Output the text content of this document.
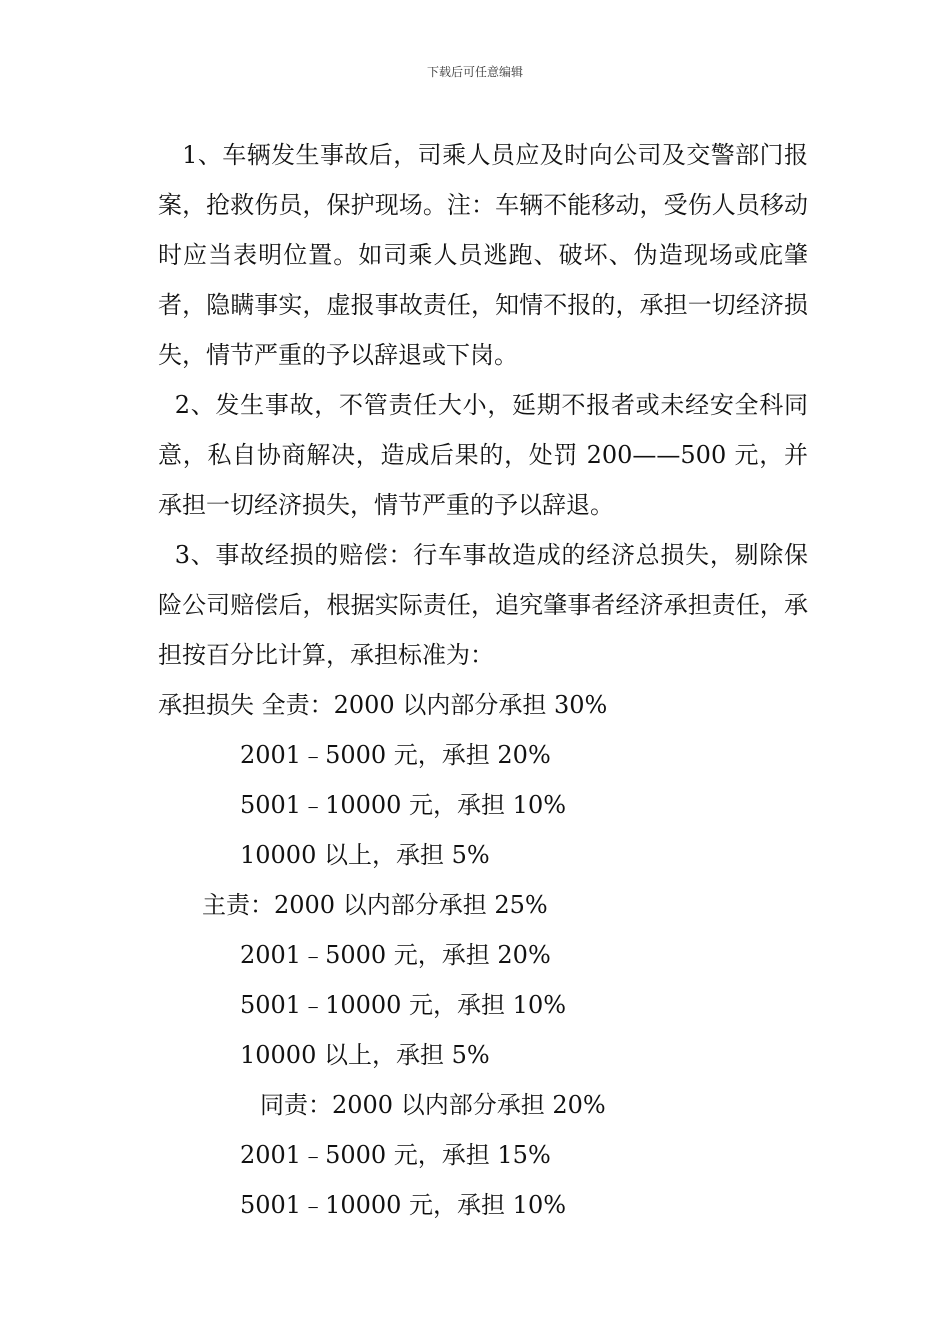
下载后可任意编辑

1、车辆发生事故后，司乘人员应及时向公司及交警部门报案，抢救伤员，保护现场。注：车辆不能移动，受伤人员移动时应当表明位置。如司乘人员逃跑、破坏、伪造现场或庇肇者，隐瞒事实，虚报事故责任，知情不报的，承担一切经济损失，情节严重的予以辞退或下岗。

2、发生事故，不管责任大小，延期不报者或未经安全科同意，私自协商解决，造成后果的，处罚 200——500 元，并承担一切经济损失，情节严重的予以辞退。

3、事故经损的赔偿：行车事故造成的经济总损失，剔除保险公司赔偿后，根据实际责任，追究肇事者经济承担责任，承担按百分比计算，承担标准为：

承担损失 全责：2000 以内部分承担 30%
2001﹣5000 元，承担 20%
5001﹣10000 元，承担 10%
10000 以上，承担 5%
主责：2000 以内部分承担 25%
2001﹣5000 元，承担 20%
5001﹣10000 元，承担 10%
10000 以上，承担 5%
同责：2000 以内部分承担 20%
2001﹣5000 元，承担 15%
5001﹣10000 元，承担 10%
